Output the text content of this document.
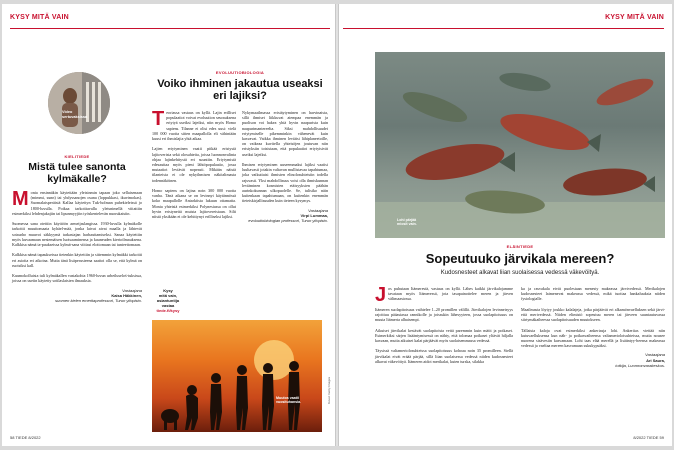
KYSY MITÄ VAIN
Video
sertuvaksissa
KIELITIEDE
Mistä tulee sanonta kylmäkalle?
M onia ensinnäkin käytettään yleisinmin tapaan joko sellaisenaan (mimmi, sunn) tai yhdyssanojen osana (loppukkasi, ikuvimokas). Suomalaisperäistä Kallaa käytettyn Tuk-holman puhekieleissä jo 1800-luvulla. Poikaa tarkoittavalla yleisnimellä viitattiin esimerkiksi lehdenjakajiin tai lipunmyyjiin työskentelevän nuorukaisiin.

Suomessa sana otettiin käyttöön armeijaslangissa. 1930-luvulla kylmäkolle tarkoitti muuttomaata kyhäel-mää, jonka laivat aivat maalla ja lähtevät sotaurho muuvoi säkkyymä tarkastajan harhauttamiseksi. Sanaa käytettiin myös kuvaamaan nestemäisen luotsaaminensa ja kauneuden kiertoilmauksena. Kalkkisa nämä ta-paukseissa kylmä-sana viittasi elottomaan tai tunteettomaan.

Kalkkisa nämä tapaukseissa tietenkin käytettiin ja sittemmin kylmäkki tarkoitti eri asioita eri aikoina. Mutta tänä lisäperusteena saattoi olla se, että kylmä on ruotsiksi kall.

Kuumokolluista tuli kylmäkallen vastakohta 1960-luvun urheiluseloś-tuksissa, joissa on useiin käytetty sotilaslaisien ilmauksia.
Vastaajana
Kaisa Häkkinen,
suomen kielen emeritaprofessori, Turun yliopisto.
EVOLUUTIOBIOLOGIA
Voiko ihminen jakautua useaksi eri lajiksi?
T eoriassa vastaus on kyllä. Lajin erilliset populaatiot voivat evoluution seurauksena eriytyä useiksi lajeiksi, niin myös Homo sapiens. Tilanne ei olisi edes uusi: vielä 100 000 vuotta sitten maapallolla eli vähintään kuusi eri ihmislajia yhtä aikaa.

Lajien eriytyminen vaatii pitkää eristystä lajitoverista sekä olosuhteita, joissa luonnonvalinta ohjaa lajinkehitystä eri suuntiin. Eriytymistä edesauttaa myös pieni lähtöpopulaatio, jossa mutaatiot leviävät nopeasti. Mikään näistä tilanteista ei ole nykyihmisen näköalimasta todennäköinen.

Homo sapiens on lajina noin 300 000 vuotta vanha. Tänä aikana se on levinnyt käytännössä koko maapallolle Antarktista lukuun ottamatta. Monia yhteisiä esimerkiksi Polynesiassa on ollut hyvin eristyneitä muista lajitovereistaan. Silti niistä yksikään ei ole kehittynyt erilliseksi lajiksi.
Nykymaailmassa eristäytyminen on harvinaista, sillä ihmiset liikkuvat aiempaa enemmän ja puolison voi hakea yhtä hyvin naapurista kuin naapurimantereelta. Siksi mahdollisuudet eriytymiselle pikemminkin vähenevät kuin kasvavat. Vaikka ihminen leviäisi lähiplaneetoille, on vaikeaa kuvitella yhteisöjen joutuvan niin eristyksiin toisistaan, että populaatiot eriytyisivät useiksi lajeiksi.

Ihmisen eriytyminen uuseemmaksi lajiksi vaatisi luultavasti jotakin valtavan mullistavaa tapahtumaa, joka vaikuttaisi ihmisten elinolosuhteisiin todella rajuvasti. Yksi mahdollisuus voisi olla ihmiskunnan leviäminen kosmisten etäisyyksien päähän aurinkokunnan ulkopuolelle. Se, tulisiko näin kuitenkaan tapahtumaan, on kuitenkin enemmän tieteiskirjallisuuden kuin tieteen kysymys.
Vastaajana
Virpi Lummaa,
evoluutiobiologian professori, Turun yliopisto.
Kysy
mitä vain,
asiantuntija
vastaa
tiede.fi/kysy
Muutos vaatii
vuosituhansia.	Kuvat: Getty Images
58 TIEDE 8/2022
KYSY MITÄ VAIN
Lohi pärjää
miosit vain.
ELÄINTIEDE
Sopeutuuko järvikala mereen?
Kudosnesteet alkavat liian suolaisessa vedessä väkevöityä.
J os puhutaan Itämerestä, vastaus on kyllä. Lähes kaikki järvikalojamme tavataan myös Itämeressä, jota tasapainottelee meren ja järven välimaastossa.

Itämeren suolapitoisuus vaihtelee 1–20 promillen välillä. Järvikalojen levinneisyys rajoittuu pääasiassa rannikolle ja joissukin lähesyyteen, jossa suolapitoisuus on muuta Itämerta alhaisempi.

Aikuiset järvikalat kestävät suolapitoista vettä paremmin kuin mätit ja poikaset. Esimerkiksi särjen lisääntymisessä on nähty, että tolomaa poikaset yltävät hiljalla kasvaan, mutta aikuiset kalat pärjäävät myös suolaisemmassa vedessä.

Täysissä valtameriolosuhteissa suolapitoisuus kohoaa noin 35 promilleen. Siellä järvikalat eivät eräää pärjää, sillä liian suolaisessa vedessä niiden kudosnesteet alkavat väkevöityä. Itämeren aidot merikalat, kuten turska, silakka
ka ja rasvakala eivät puolestaan menesty makeassa järvivedessä. Merikalojen kudosnesteet laimenevat makeassa vedessä, mikä tuottaa hankaluuksia niiden fysiologialle.

Maailmasta löytyy joukko kalalajeja, jotka pärjäävät eri alkamönvaelluksen sekä järvi- että merivedessä. Niiden elimistö sopeutuu meren tai järveen suuntautuvassa siirtymäkaiheessa suolapitoisuuden muutokseen.

Tällaisia kaloja ovat esimerkiksi ankeriasja lohi. Ankeriias viettää niin kutuvaelluksensa kun näh- ja poikasvaiheensa valtamerioloisuhteissa, mutta nousee nuorena sisävesiin kasvamaan. Lohi taas elää merellä ja lisääntyy-heensa makeassa vedessä ja vaeltaa mereen kasvamaan sukukypsäksi.
Vastaajana
Ari Saura,
tutkija, Luonnonvarakeskus.
8/2022 TIEDE 59
